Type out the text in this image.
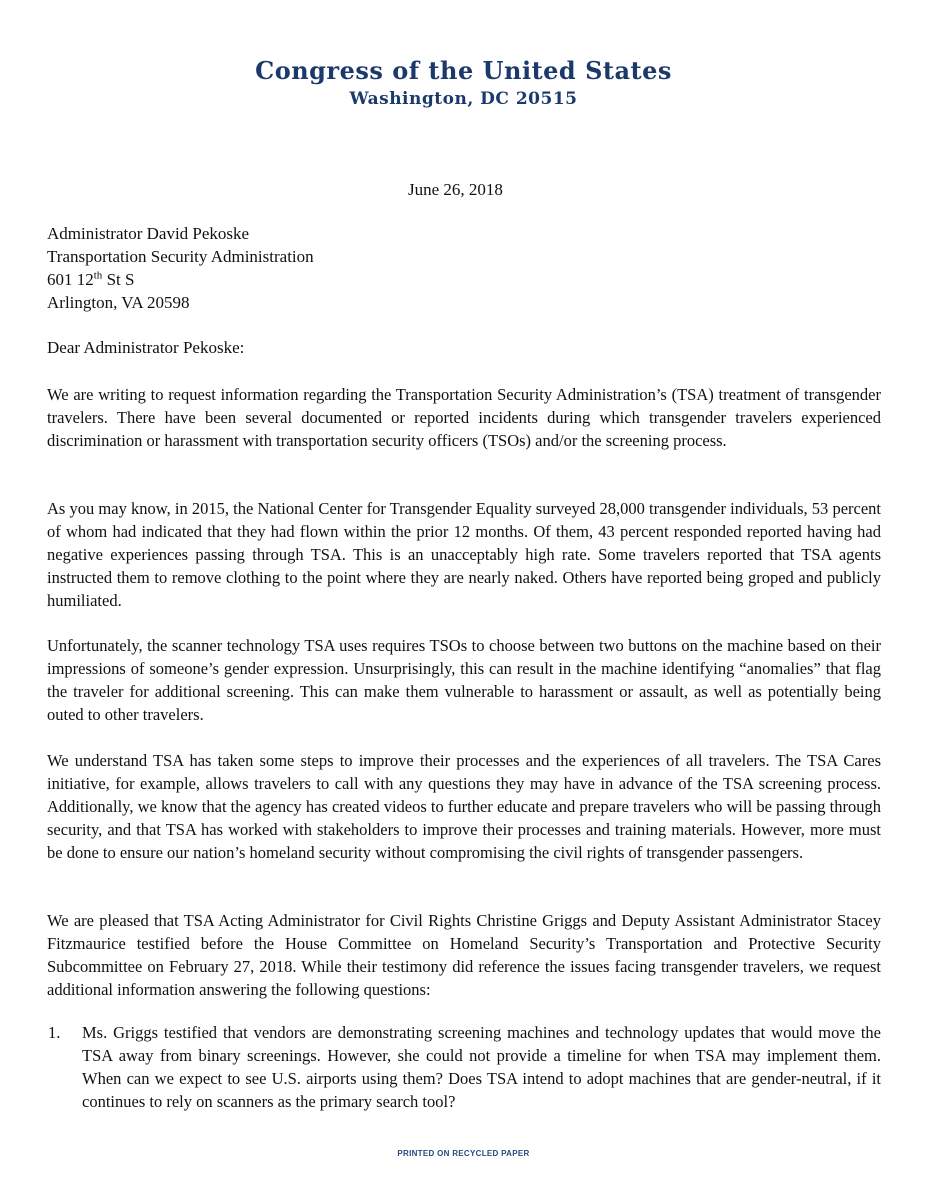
Congress of the United States
Washington, DC 20515
June 26, 2018
Administrator David Pekoske
Transportation Security Administration
601 12th St S
Arlington, VA 20598
Dear Administrator Pekoske:

We are writing to request information regarding the Transportation Security Administration’s (TSA) treatment of transgender travelers. There have been several documented or reported incidents during which transgender travelers experienced discrimination or harassment with transportation security officers (TSOs) and/or the screening process.

As you may know, in 2015, the National Center for Transgender Equality surveyed 28,000 transgender individuals, 53 percent of whom had indicated that they had flown within the prior 12 months. Of them, 43 percent responded reported having had negative experiences passing through TSA. This is an unacceptably high rate. Some travelers reported that TSA agents instructed them to remove clothing to the point where they are nearly naked. Others have reported being groped and publicly humiliated.

Unfortunately, the scanner technology TSA uses requires TSOs to choose between two buttons on the machine based on their impressions of someone’s gender expression. Unsurprisingly, this can result in the machine identifying “anomalies” that flag the traveler for additional screening. This can make them vulnerable to harassment or assault, as well as potentially being outed to other travelers.

We understand TSA has taken some steps to improve their processes and the experiences of all travelers. The TSA Cares initiative, for example, allows travelers to call with any questions they may have in advance of the TSA screening process. Additionally, we know that the agency has created videos to further educate and prepare travelers who will be passing through security, and that TSA has worked with stakeholders to improve their processes and training materials. However, more must be done to ensure our nation’s homeland security without compromising the civil rights of transgender passengers.

We are pleased that TSA Acting Administrator for Civil Rights Christine Griggs and Deputy Assistant Administrator Stacey Fitzmaurice testified before the House Committee on Homeland Security’s Transportation and Protective Security Subcommittee on February 27, 2018. While their testimony did reference the issues facing transgender travelers, we request additional information answering the following questions:

1.	Ms. Griggs testified that vendors are demonstrating screening machines and technology updates that would move the TSA away from binary screenings. However, she could not provide a timeline for when TSA may implement them. When can we expect to see U.S. airports using them? Does TSA intend to adopt machines that are gender-neutral, if it continues to rely on scanners as the primary search tool?
PRINTED ON RECYCLED PAPER
